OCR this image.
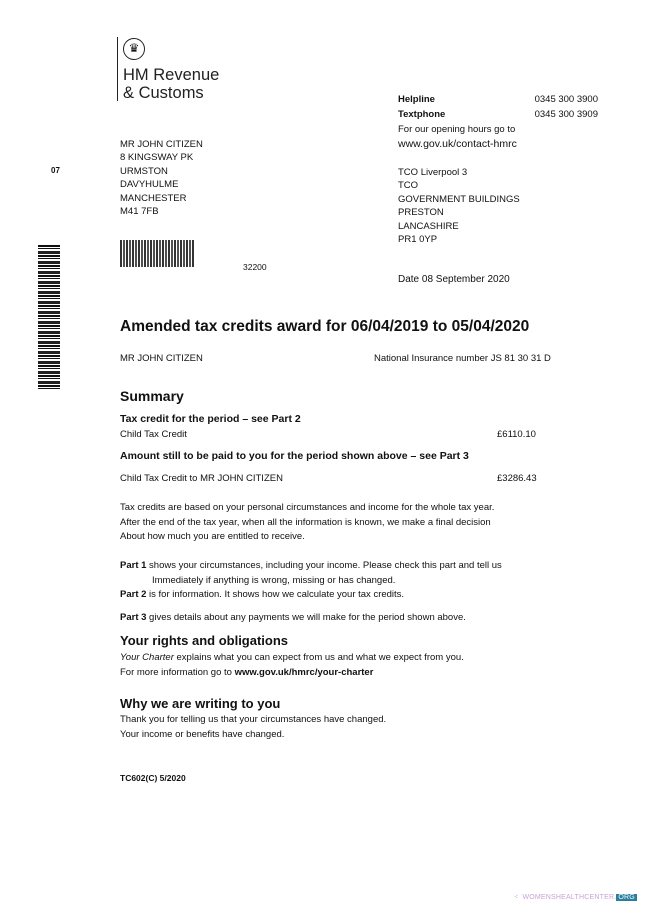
♛
HM Revenue
& Customs	Helpline	0345 300 3900
Textphone	0345 300 3909
For our opening hours go to
www.gov.uk/contact-hmrc
MR JOHN CITIZEN
8 KINGSWAY PK
URMSTON
DAVYHULME
MANCHESTER
M41 7FB
07	TCO Liverpool 3
TCO
GOVERNMENT BUILDINGS
PRESTON
LANCASHIRE
PR1 0YP
32200
Date 08 September 2020
Amended tax credits award for 06/04/2019 to 05/04/2020
MR JOHN CITIZEN	National Insurance number JS 81 30 31 D
Summary
Tax credit for the period – see Part 2
Child Tax Credit	£6110.10
Amount still to be paid to you for the period shown above – see Part 3
Child Tax Credit to MR JOHN CITIZEN	£3286.43
Tax credits are based on your personal circumstances and income for the whole tax year.
After the end of the tax year, when all the information is known, we make a final decision
About how much you are entitled to receive.
Part 1 shows your circumstances, including your income. Please check this part and tell us
Immediately if anything is wrong, missing or has changed.
Part 2 is for information. It shows how we calculate your tax credits.
Part 3 gives details about any payments we will make for the period shown above.
Your rights and obligations
Your Charter explains what you can expect from us and what we expect from you.
For more information go to www.gov.uk/hmrc/your-charter
Why we are writing to you
Thank you for telling us that your circumstances have changed.
Your income or benefits have changed.
TC602(C) 5/2020
⁖ WOMENSHEALTHCENTER. ORG
